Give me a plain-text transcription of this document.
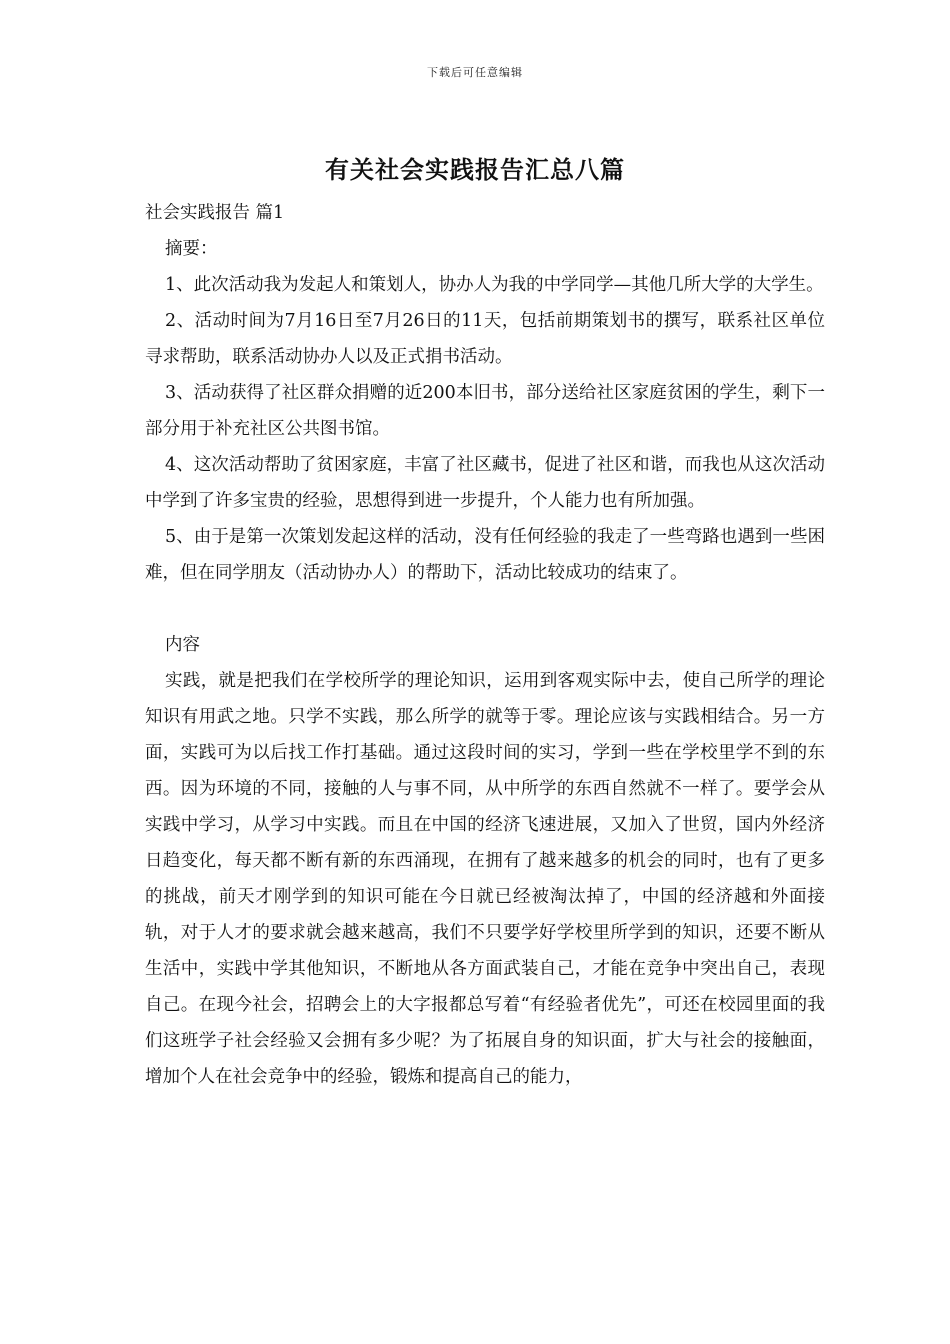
下载后可任意编辑
有关社会实践报告汇总八篇

社会实践报告 篇1

摘要：

1、此次活动我为发起人和策划人，协办人为我的中学同学—其他几所大学的大学生。

2、活动时间为7月16日至7月26日的11天，包括前期策划书的撰写，联系社区单位寻求帮助，联系活动协办人以及正式捐书活动。

3、活动获得了社区群众捐赠的近200本旧书，部分送给社区家庭贫困的学生，剩下一部分用于补充社区公共图书馆。

4、这次活动帮助了贫困家庭，丰富了社区藏书，促进了社区和谐，而我也从这次活动中学到了许多宝贵的经验，思想得到进一步提升，个人能力也有所加强。

5、由于是第一次策划发起这样的活动，没有任何经验的我走了一些弯路也遇到一些困难，但在同学朋友（活动协办人）的帮助下，活动比较成功的结束了。

内容

实践，就是把我们在学校所学的理论知识，运用到客观实际中去，使自己所学的理论知识有用武之地。只学不实践，那么所学的就等于零。理论应该与实践相结合。另一方面，实践可为以后找工作打基础。通过这段时间的实习，学到一些在学校里学不到的东西。因为环境的不同，接触的人与事不同，从中所学的东西自然就不一样了。要学会从实践中学习，从学习中实践。而且在中国的经济飞速进展，又加入了世贸，国内外经济日趋变化，每天都不断有新的东西涌现，在拥有了越来越多的机会的同时，也有了更多的挑战，前天才刚学到的知识可能在今日就已经被淘汰掉了，中国的经济越和外面接轨，对于人才的要求就会越来越高，我们不只要学好学校里所学到的知识，还要不断从生活中，实践中学其他知识，不断地从各方面武装自己，才能在竞争中突出自己，表现自己。在现今社会，招聘会上的大字报都总写着“有经验者优先”，可还在校园里面的我们这班学子社会经验又会拥有多少呢？为了拓展自身的知识面，扩大与社会的接触面，增加个人在社会竞争中的经验，锻炼和提高自己的能力，
